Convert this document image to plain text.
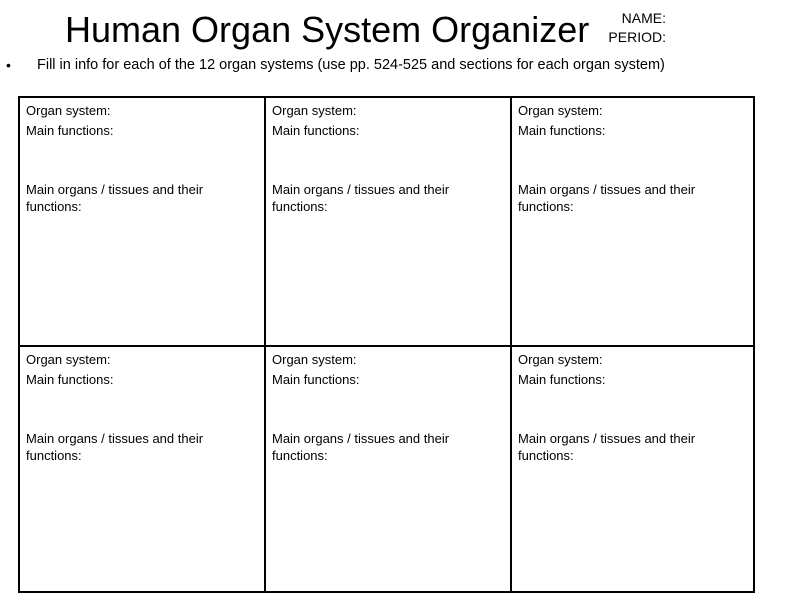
Human Organ System Organizer	NAME:
PERIOD:
• Fill in info for each of the 12 organ systems (use pp. 524-525 and sections for each organ system)
Organ system:
Main functions:
Main organs / tissues and their functions:
Organ system:
Main functions:
Main organs / tissues and their functions:
Organ system:
Main functions:
Main organs / tissues and their functions:
Organ system:
Main functions:
Main organs / tissues and their functions:
Organ system:
Main functions:
Main organs / tissues and their functions:
Organ system:
Main functions:
Main organs / tissues and their functions:
